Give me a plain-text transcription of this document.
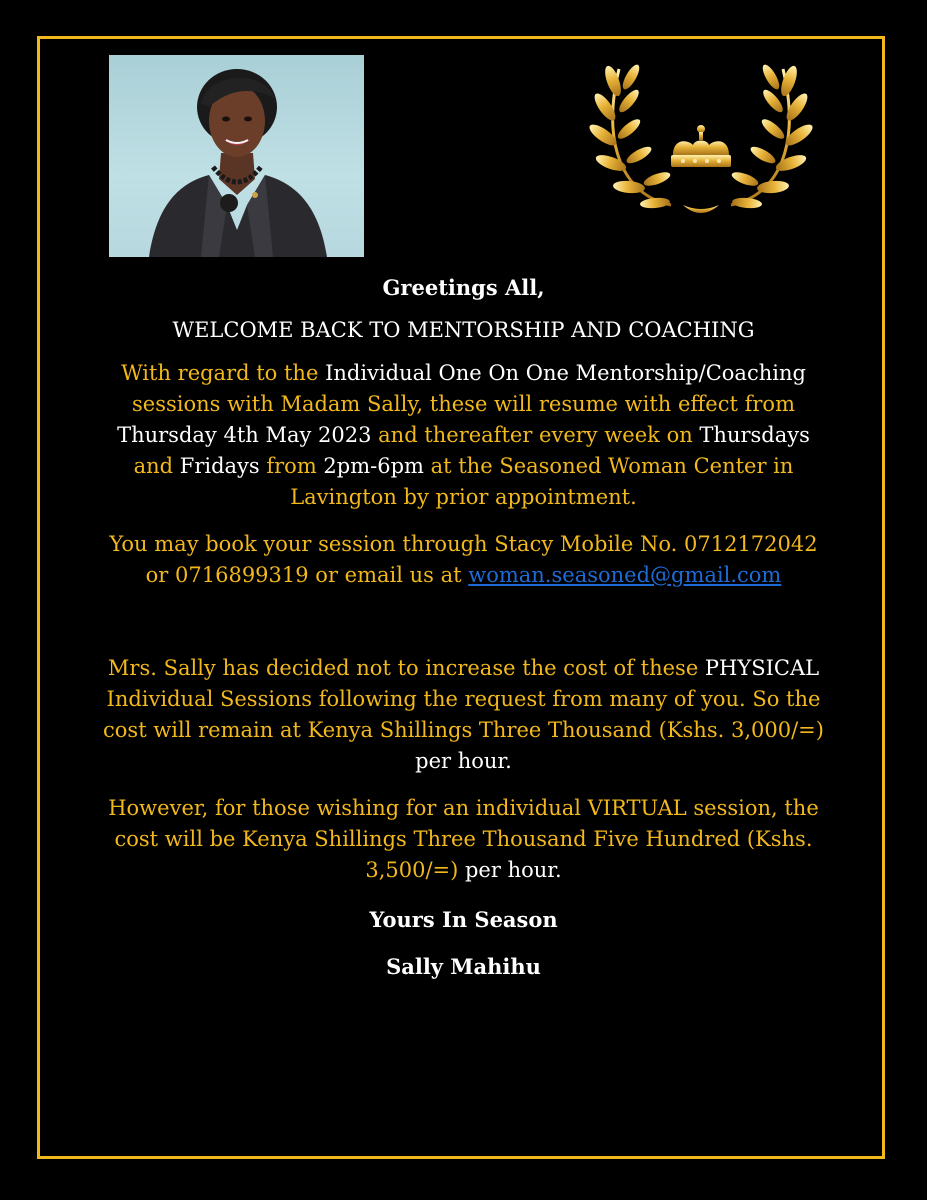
Greetings All,

WELCOME BACK TO MENTORSHIP AND COACHING

With regard to the Individual One On One Mentorship/Coaching sessions with Madam Sally, these will resume with effect from Thursday 4th May 2023 and thereafter every week on Thursdays and Fridays from 2pm-6pm at the Seasoned Woman Center in Lavington by prior appointment.

You may book your session through Stacy Mobile No. 0712172042 or 0716899319 or email us at woman.seasoned@gmail.com

Mrs. Sally has decided not to increase the cost of these PHYSICAL Individual Sessions following the request from many of you. So the cost will remain at Kenya Shillings Three Thousand (Kshs. 3,000/=) per hour.

However, for those wishing for an individual VIRTUAL session, the cost will be Kenya Shillings Three Thousand Five Hundred (Kshs. 3,500/=) per hour.

Yours In Season

Sally Mahihu
